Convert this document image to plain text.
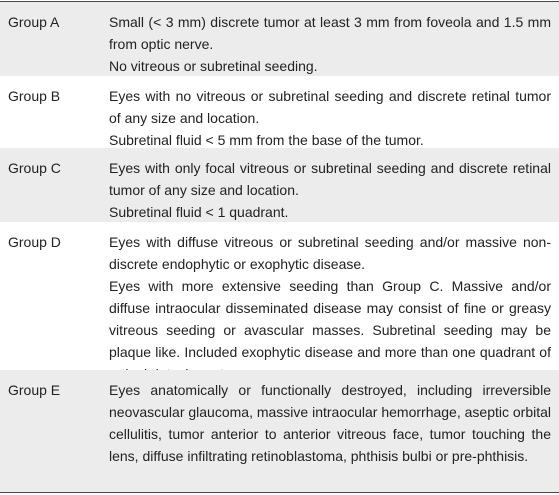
Group A	Small (< 3 mm) discrete tumor at least 3 mm from foveola and 1.5 mm from optic nerve.
No vitreous or subretinal seeding.
Group B	Eyes with no vitreous or subretinal seeding and discrete retinal tumor of any size and location.
Subretinal fluid < 5 mm from the base of the tumor.
Group C	Eyes with only focal vitreous or subretinal seeding and discrete retinal tumor of any size and location.
Subretinal fluid < 1 quadrant.
Group D	Eyes with diffuse vitreous or subretinal seeding and/or massive non-discrete endophytic or exophytic disease.
Eyes with more extensive seeding than Group C. Massive and/or diffuse intraocular disseminated disease may consist of fine or greasy vitreous seeding or avascular masses. Subretinal seeding may be plaque like. Included exophytic disease and more than one quadrant of
Group E	Eyes anatomically or functionally destroyed, including irreversible neovascular glaucoma, massive intraocular hemorrhage, aseptic orbital cellulitis, tumor anterior to anterior vitreous face, tumor touching the lens, diffuse infiltrating retinoblastoma, phthisis bulbi or pre-phthisis.
